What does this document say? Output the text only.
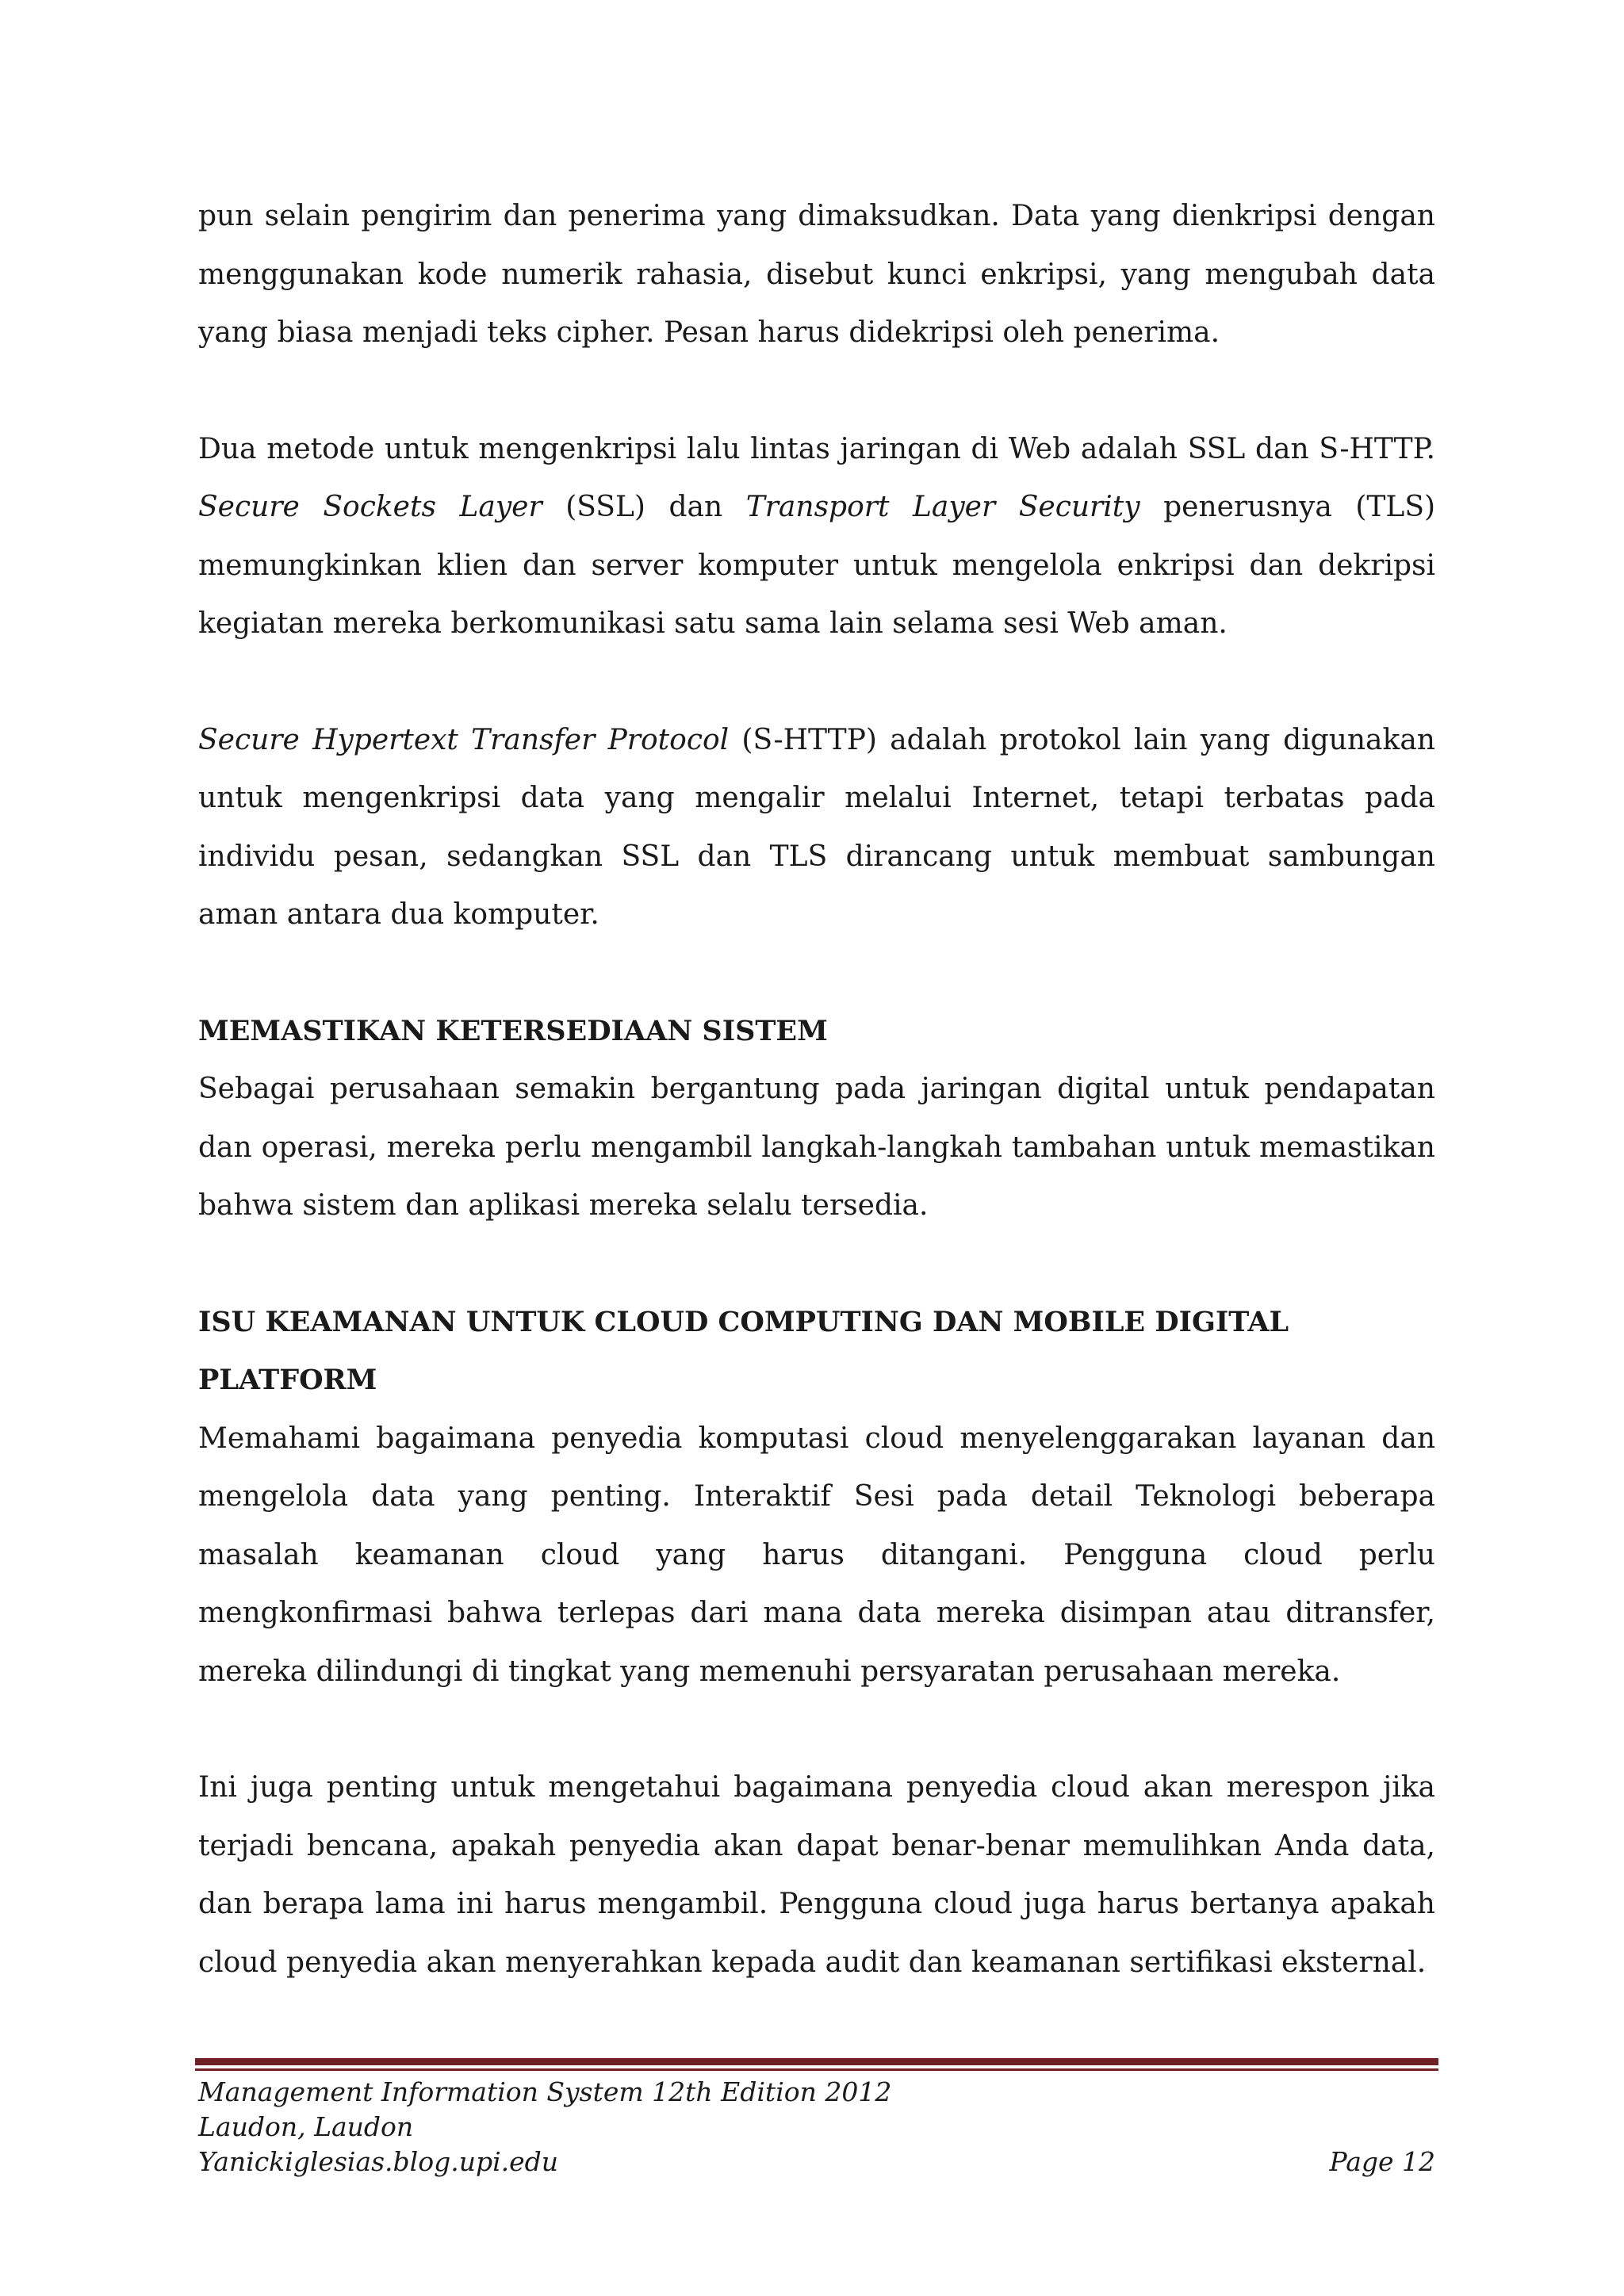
pun selain pengirim dan penerima yang dimaksudkan. Data yang dienkripsi dengan menggunakan kode numerik rahasia, disebut kunci enkripsi, yang mengubah data yang biasa menjadi teks cipher. Pesan harus didekripsi oleh penerima.

Dua metode untuk mengenkripsi lalu lintas jaringan di Web adalah SSL dan S-HTTP. Secure Sockets Layer (SSL) dan Transport Layer Security penerusnya (TLS) memungkinkan klien dan server komputer untuk mengelola enkripsi dan dekripsi kegiatan mereka berkomunikasi satu sama lain selama sesi Web aman.

Secure Hypertext Transfer Protocol (S-HTTP) adalah protokol lain yang digunakan untuk mengenkripsi data yang mengalir melalui Internet, tetapi terbatas pada individu pesan, sedangkan SSL dan TLS dirancang untuk membuat sambungan aman antara dua komputer.

MEMASTIKAN KETERSEDIAAN SISTEM

Sebagai perusahaan semakin bergantung pada jaringan digital untuk pendapatan dan operasi, mereka perlu mengambil langkah-langkah tambahan untuk memastikan bahwa sistem dan aplikasi mereka selalu tersedia.

ISU KEAMANAN UNTUK CLOUD COMPUTING DAN MOBILE DIGITAL PLATFORM

Memahami bagaimana penyedia komputasi cloud menyelenggarakan layanan dan mengelola data yang penting. Interaktif Sesi pada detail Teknologi beberapa masalah keamanan cloud yang harus ditangani. Pengguna cloud perlu mengkonfirmasi bahwa terlepas dari mana data mereka disimpan atau ditransfer, mereka dilindungi di tingkat yang memenuhi persyaratan perusahaan mereka.

Ini juga penting untuk mengetahui bagaimana penyedia cloud akan merespon jika terjadi bencana, apakah penyedia akan dapat benar-benar memulihkan Anda data, dan berapa lama ini harus mengambil. Pengguna cloud juga harus bertanya apakah cloud penyedia akan menyerahkan kepada audit dan keamanan sertifikasi eksternal.

Management Information System 12th Edition 2012
Laudon, Laudon
Yanickiglesias.blog.upi.edu	Page 12
